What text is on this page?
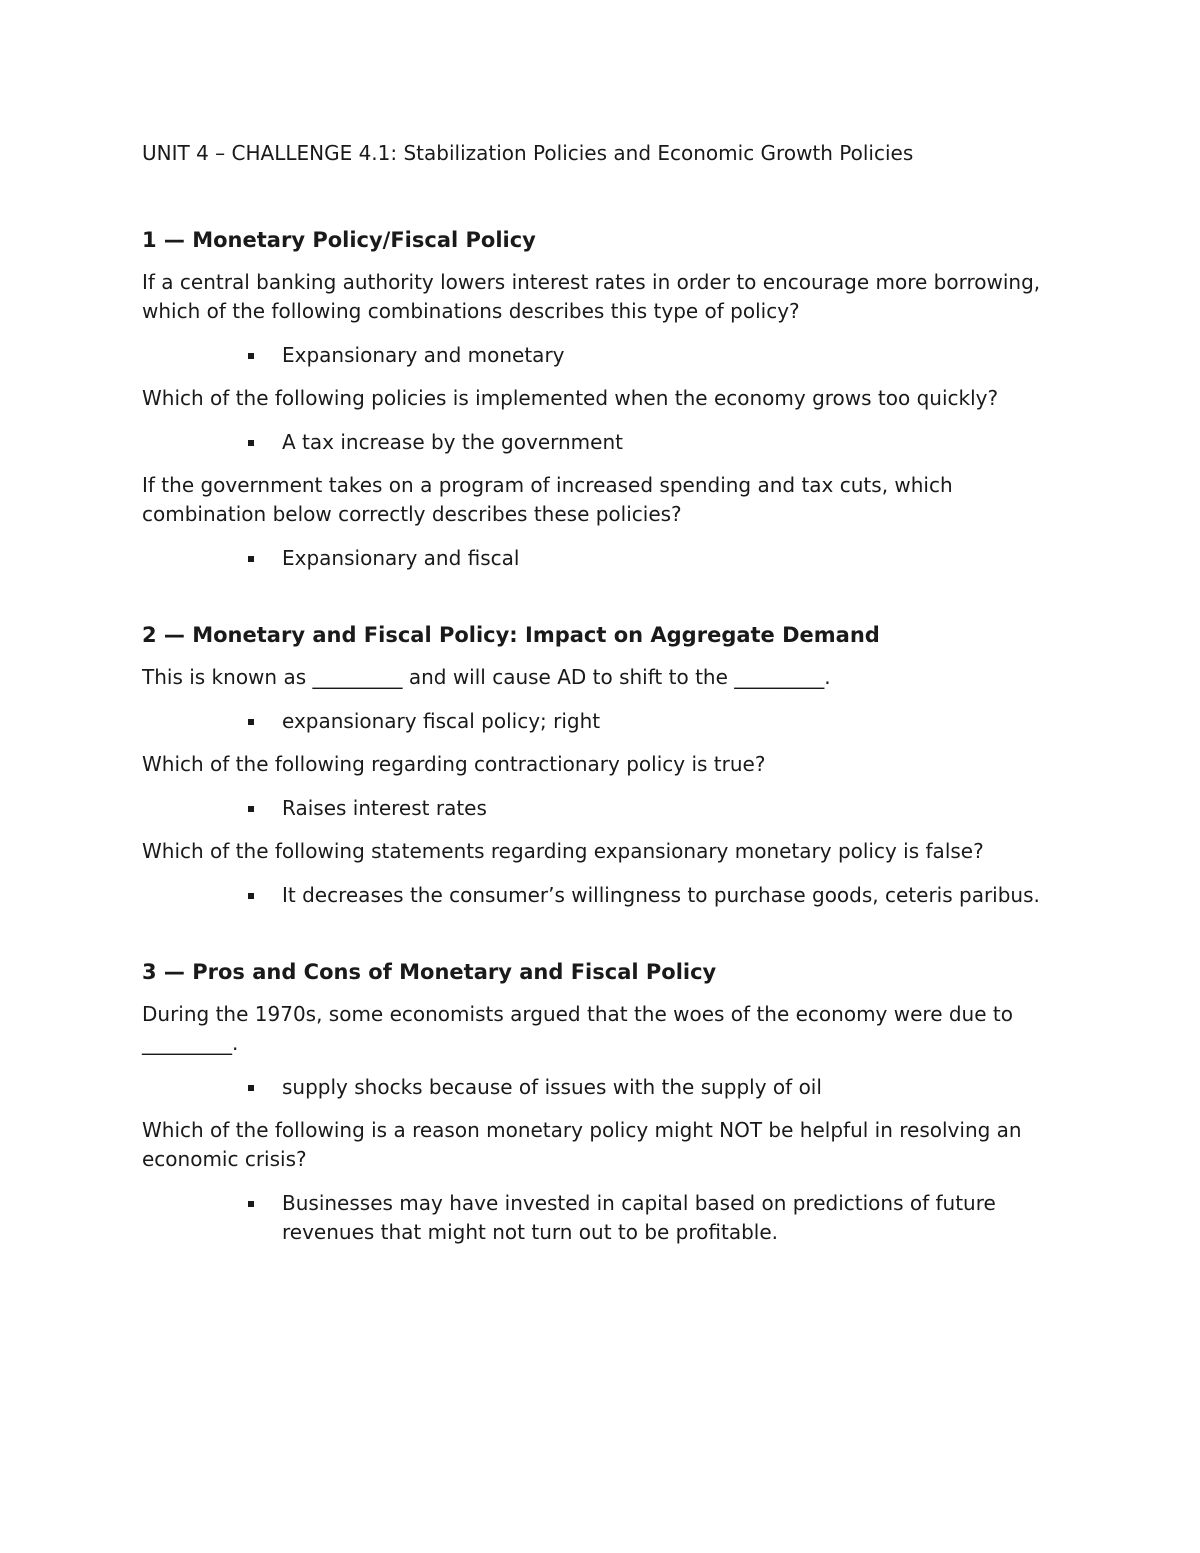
UNIT 4 – CHALLENGE 4.1: Stabilization Policies and Economic Growth Policies
1 — Monetary Policy/Fiscal Policy

If a central banking authority lowers interest rates in order to encourage more borrowing, which of the following combinations describes this type of policy?

Expansionary and monetary

Which of the following policies is implemented when the economy grows too quickly?

A tax increase by the government

If the government takes on a program of increased spending and tax cuts, which combination below correctly describes these policies?

Expansionary and fiscal
2 — Monetary and Fiscal Policy: Impact on Aggregate Demand

This is known as _________ and will cause AD to shift to the _________.

expansionary fiscal policy; right

Which of the following regarding contractionary policy is true?

Raises interest rates

Which of the following statements regarding expansionary monetary policy is false?

It decreases the consumer’s willingness to purchase goods, ceteris paribus.
3 — Pros and Cons of Monetary and Fiscal Policy

During the 1970s, some economists argued that the woes of the economy were due to _________.

supply shocks because of issues with the supply of oil

Which of the following is a reason monetary policy might NOT be helpful in resolving an economic crisis?

Businesses may have invested in capital based on predictions of future revenues that might not turn out to be profitable.
